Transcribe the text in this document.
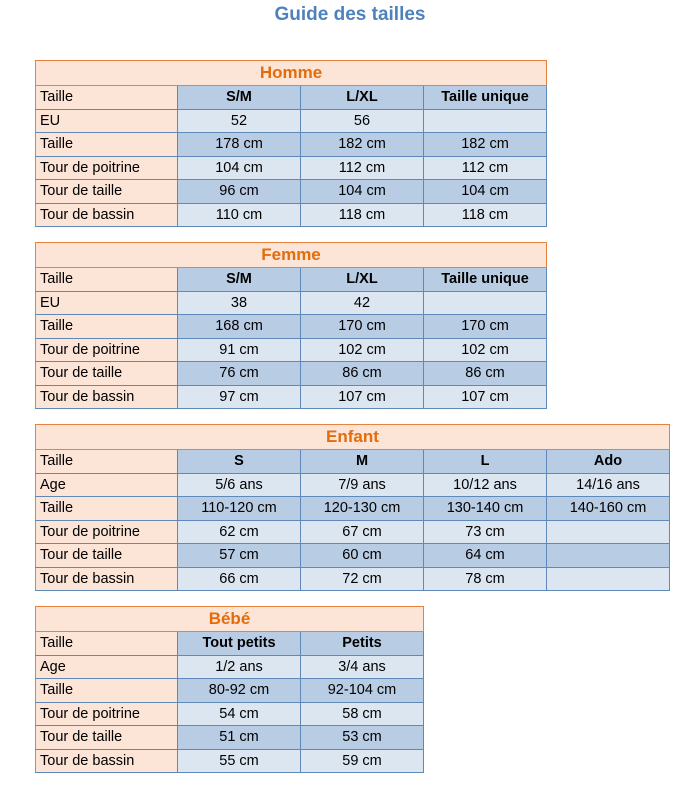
Guide des tailles
Homme			
Taille	S/M	L/XL	Taille unique
EU	52	56	
Taille	178 cm	182 cm	182 cm
Tour de poitrine	104 cm	112 cm	112 cm
Tour de taille	96 cm	104 cm	104 cm
Tour de bassin	110 cm	118 cm	118 cm
Femme			
Taille	S/M	L/XL	Taille unique
EU	38	42	
Taille	168 cm	170 cm	170 cm
Tour de poitrine	91 cm	102 cm	102 cm
Tour de taille	76 cm	86 cm	86 cm
Tour de bassin	97 cm	107 cm	107 cm
Enfant				
Taille	S	M	L	Ado
Age	5/6 ans	7/9 ans	10/12 ans	14/16 ans
Taille	110-120 cm	120-130 cm	130-140 cm	140-160 cm
Tour de poitrine	62 cm	67 cm	73 cm	
Tour de taille	57 cm	60 cm	64 cm	
Tour de bassin	66 cm	72 cm	78 cm	
Bébé		
Taille	Tout petits	Petits
Age	1/2 ans	3/4 ans
Taille	80-92 cm	92-104 cm
Tour de poitrine	54 cm	58 cm
Tour de taille	51 cm	53 cm
Tour de bassin	55 cm	59 cm
